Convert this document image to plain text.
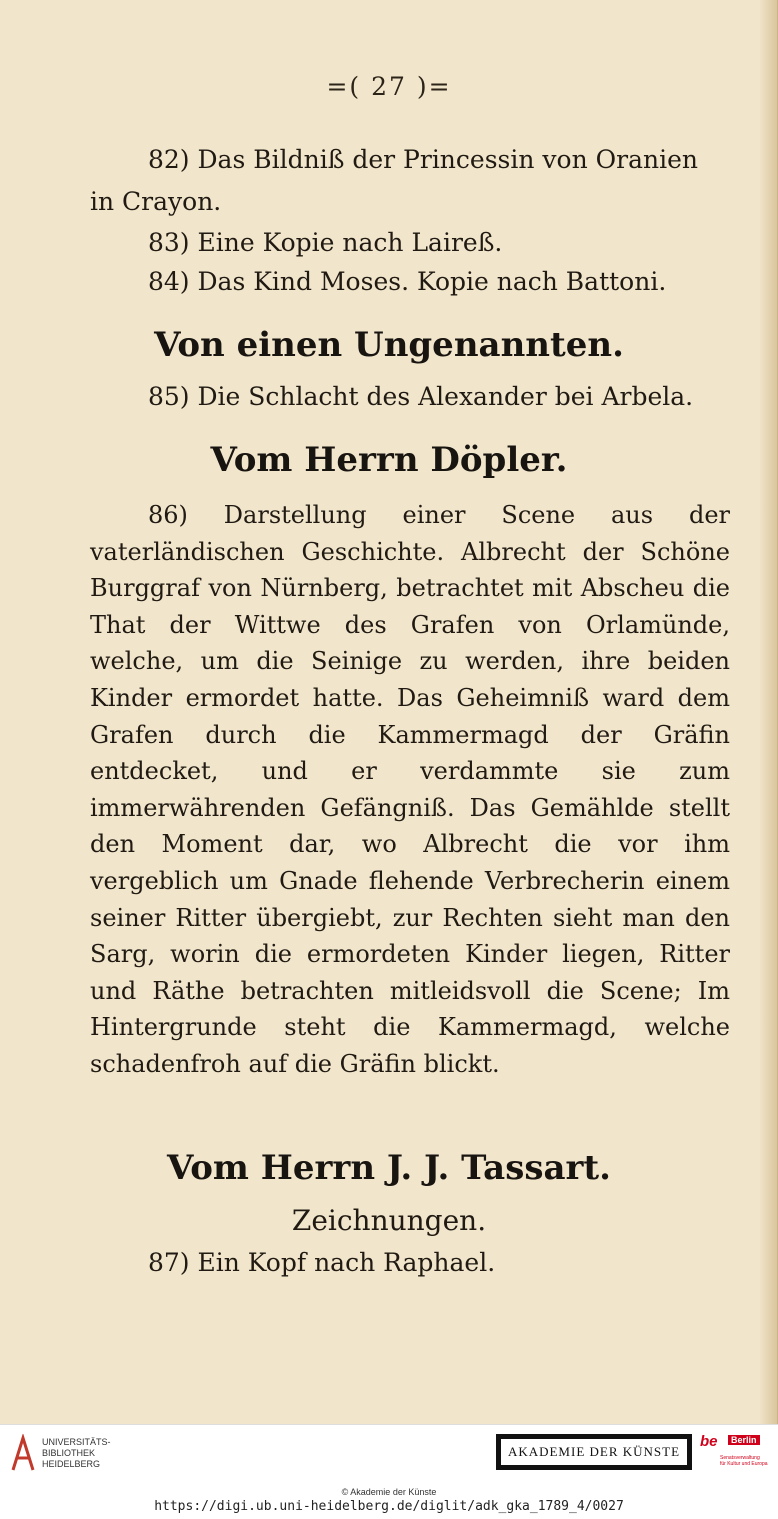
=( 27 )=
82) Das Bildniß der Princessin von Oranien
in Crayon.
83) Eine Kopie nach Laireß.
84) Das Kind Moses. Kopie nach Battoni.
Von einen Ungenannten.
85) Die Schlacht des Alexander bei Arbela.
Vom Herrn Döpler.
86) Darstellung einer Scene aus der vaterländischen Geschichte. Albrecht der Schöne Burggraf von Nürnberg, betrachtet mit Abscheu die That der Wittwe des Grafen von Orlamünde, welche, um die Seinige zu werden, ihre beiden Kinder ermordet hatte. Das Geheimniß ward dem Grafen durch die Kammermagd der Gräfin entdecket, und er verdammte sie zum immerwährenden Gefängniß. Das Gemählde stellt den Moment dar, wo Albrecht die vor ihm vergeblich um Gnade flehende Verbrecherin einem seiner Ritter übergiebt, zur Rechten sieht man den Sarg, worin die ermordeten Kinder liegen, Ritter und Räthe betrachten mitleidsvoll die Scene; Im Hintergrunde steht die Kammermagd, welche schadenfroh auf die Gräfin blickt.
Vom Herrn J. J. Tassart.
Zeichnungen.
87) Ein Kopf nach Raphael.
UNIVERSITÄTS-
BIBLIOTHEK
HEIDELBERG
AKADEMIE DER KÜNSTE
be	Berlin
Senatsverwaltung
für Kultur und Europa
© Akademie der Künste
https://digi.ub.uni-heidelberg.de/diglit/adk_gka_1789_4/0027
